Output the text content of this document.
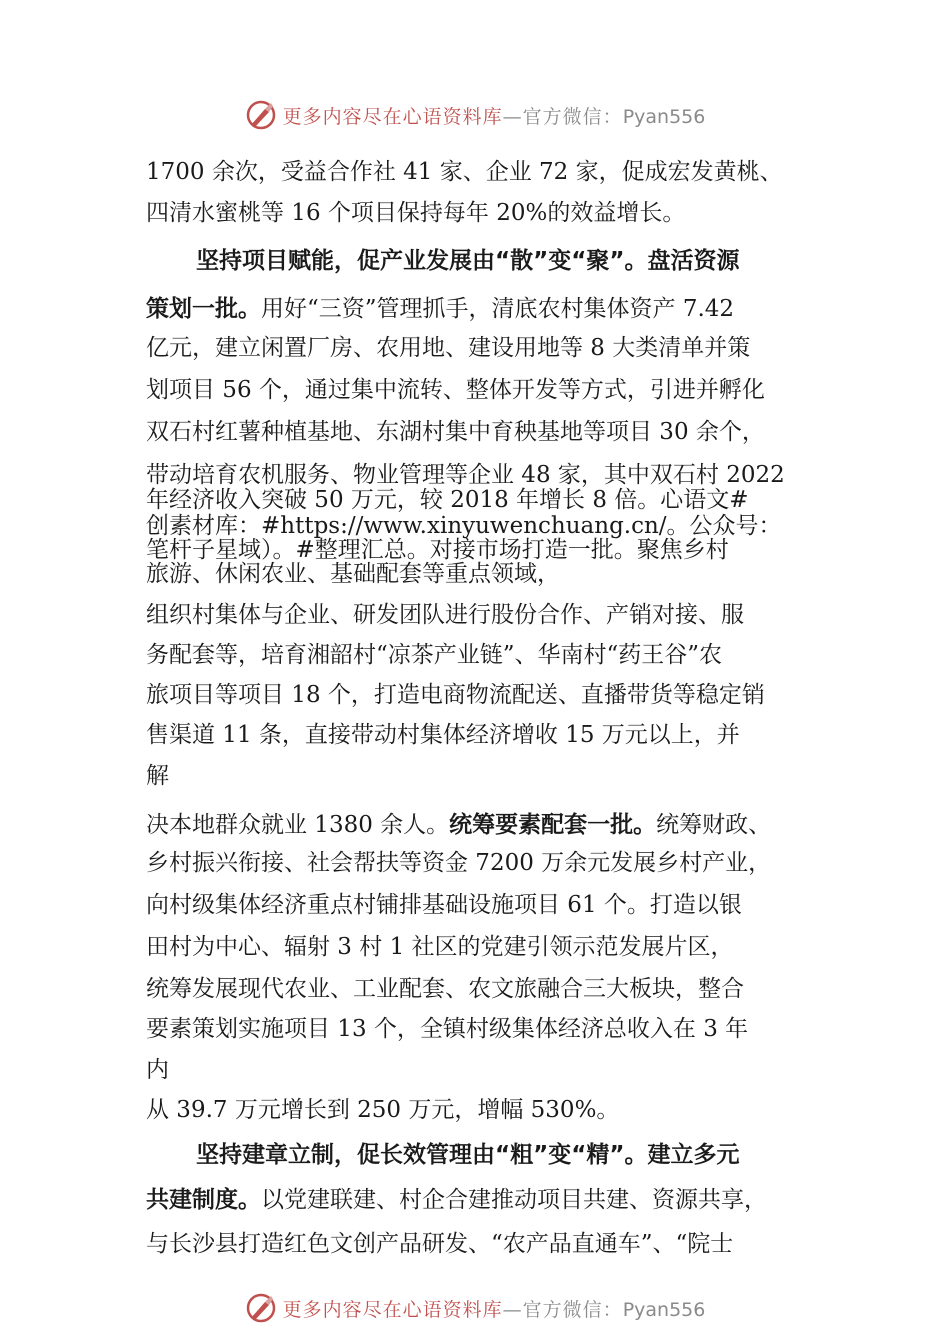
更多内容尽在心语资料库—官方微信：Pyan556
1700 余次，受益合作社 41 家、企业 72 家，促成宏发黄桃、
四清水蜜桃等 16 个项目保持每年 20%的效益增长。
坚持项目赋能，促产业发展由“散”变“聚”。盘活资源
策划一批。用好“三资”管理抓手，清底农村集体资产 7.42
亿元，建立闲置厂房、农用地、建设用地等 8 大类清单并策
划项目 56 个，通过集中流转、整体开发等方式，引进并孵化
双石村红薯种植基地、东湖村集中育秧基地等项目 30 余个，
带动培育农机服务、物业管理等企业 48 家，其中双石村 2022
年经济收入突破 50 万元，较 2018 年增长 8 倍。心语文#
创素材库：#https://www.xinyuwenchuang.cn/。公众号：
笔杆子星域）。#整理汇总。对接市场打造一批。聚焦乡村
旅游、休闲农业、基础配套等重点领域，
组织村集体与企业、研发团队进行股份合作、产销对接、服
务配套等，培育湘韶村“凉茶产业链”、华南村“药王谷”农
旅项目等项目 18 个，打造电商物流配送、直播带货等稳定销
售渠道 11 条，直接带动村集体经济增收 15 万元以上，并
解
决本地群众就业 1380 余人。统筹要素配套一批。统筹财政、
乡村振兴衔接、社会帮扶等资金 7200 万余元发展乡村产业，
向村级集体经济重点村铺排基础设施项目 61 个。打造以银
田村为中心、辐射 3 村 1 社区的党建引领示范发展片区，
统筹发展现代农业、工业配套、农文旅融合三大板块，整合
要素策划实施项目 13 个，全镇村级集体经济总收入在 3 年
内
从 39.7 万元增长到 250 万元，增幅 530%。
坚持建章立制，促长效管理由“粗”变“精”。建立多元
共建制度。以党建联建、村企合建推动项目共建、资源共享，
与长沙县打造红色文创产品研发、“农产品直通车”、“院士
更多内容尽在心语资料库—官方微信：Pyan556
